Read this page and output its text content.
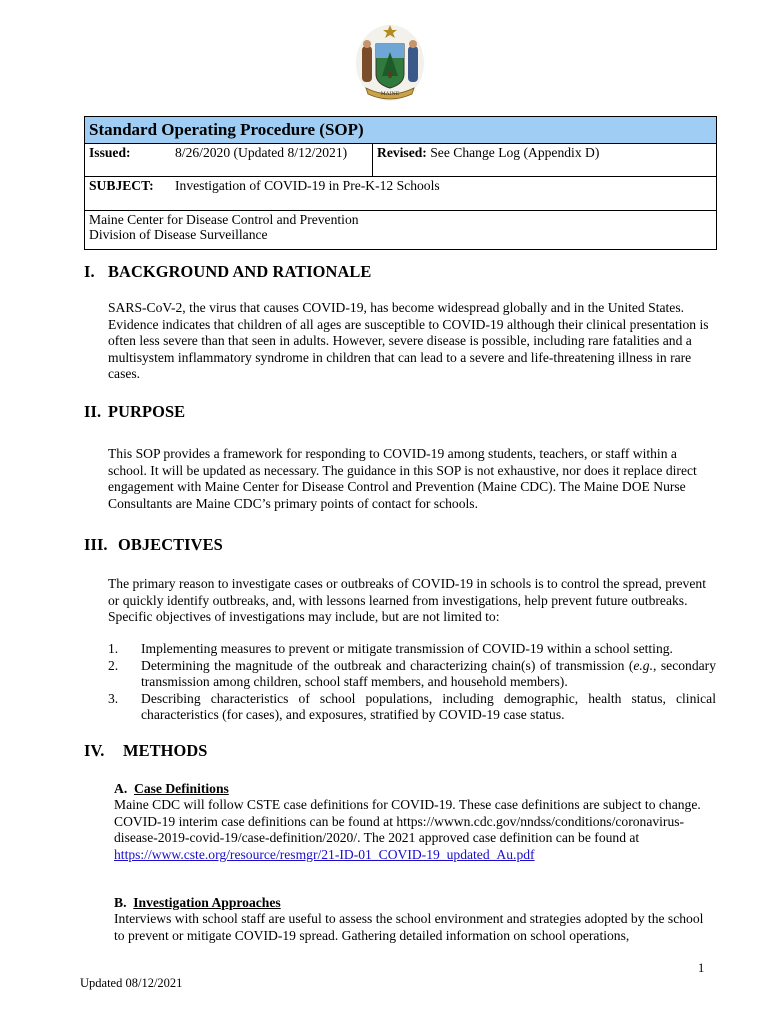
MAINE
Standard Operating Procedure (SOP)
Issued:	8/26/2020 (Updated 8/12/2021)	Revised: See Change Log (Appendix D)
SUBJECT:	Investigation of COVID-19 in Pre-K-12 Schools
Maine Center for Disease Control and Prevention
Division of Disease Surveillance
I. BACKGROUND AND RATIONALE
SARS-CoV-2, the virus that causes COVID-19, has become widespread globally and in the United States. Evidence indicates that children of all ages are susceptible to COVID-19 although their clinical presentation is often less severe than that seen in adults. However, severe disease is possible, including rare fatalities and a multisystem inflammatory syndrome in children that can lead to a severe and life-threatening illness in rare cases.
II. PURPOSE
This SOP provides a framework for responding to COVID-19 among students, teachers, or staff within a school. It will be updated as necessary. The guidance in this SOP is not exhaustive, nor does it replace direct engagement with Maine Center for Disease Control and Prevention (Maine CDC). The Maine DOE Nurse Consultants are Maine CDC’s primary points of contact for schools.
III. OBJECTIVES
The primary reason to investigate cases or outbreaks of COVID-19 in schools is to control the spread, prevent or quickly identify outbreaks, and, with lessons learned from investigations, help prevent future outbreaks. Specific objectives of investigations may include, but are not limited to:
1. Implementing measures to prevent or mitigate transmission of COVID-19 within a school setting.
2. Determining the magnitude of the outbreak and characterizing chain(s) of transmission (e.g., secondary transmission among children, school staff members, and household members).
3. Describing characteristics of school populations, including demographic, health status, clinical characteristics (for cases), and exposures, stratified by COVID-19 case status.
IV. METHODS
A. Case Definitions
Maine CDC will follow CSTE case definitions for COVID-19. These case definitions are subject to change. COVID-19 interim case definitions can be found at https://wwwn.cdc.gov/nndss/conditions/coronavirus-disease-2019-covid-19/case-definition/2020/. The 2021 approved case definition can be found at https://www.cste.org/resource/resmgr/21-ID-01_COVID-19_updated_Au.pdf
B. Investigation Approaches
Interviews with school staff are useful to assess the school environment and strategies adopted by the school to prevent or mitigate COVID-19 spread. Gathering detailed information on school operations,
1
Updated 08/12/2021
